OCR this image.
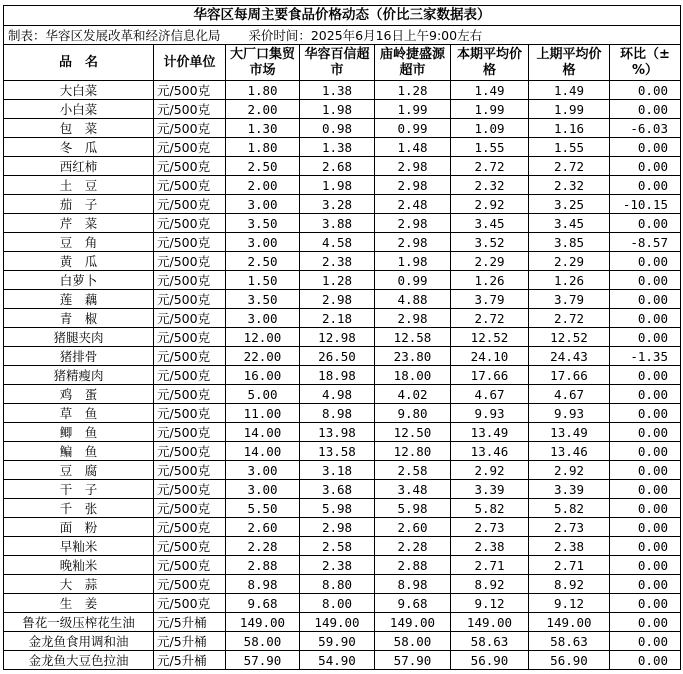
华容区每周主要食品价格动态（价比三家数据表）							
制表：华容区发展改革和经济信息化局 采价时间：2025年6月16日上午9:00左右							
品　名	计价单位	大厂口集贸市场	华容百信超市	庙岭捷盛源超市	本期平均价格	上期平均价格	环比（±%）
大白菜	元/500克	1.80	1.38	1.28	1.49	1.49	0.00
小白菜	元/500克	2.00	1.98	1.99	1.99	1.99	0.00
包　菜	元/500克	1.30	0.98	0.99	1.09	1.16	-6.03
冬　瓜	元/500克	1.80	1.38	1.48	1.55	1.55	0.00
西红柿	元/500克	2.50	2.68	2.98	2.72	2.72	0.00
土　豆	元/500克	2.00	1.98	2.98	2.32	2.32	0.00
茄　子	元/500克	3.00	3.28	2.48	2.92	3.25	-10.15
芹　菜	元/500克	3.50	3.88	2.98	3.45	3.45	0.00
豆　角	元/500克	3.00	4.58	2.98	3.52	3.85	-8.57
黄　瓜	元/500克	2.50	2.38	1.98	2.29	2.29	0.00
白萝卜	元/500克	1.50	1.28	0.99	1.26	1.26	0.00
莲　藕	元/500克	3.50	2.98	4.88	3.79	3.79	0.00
青　椒	元/500克	3.00	2.18	2.98	2.72	2.72	0.00
猪腿夹肉	元/500克	12.00	12.98	12.58	12.52	12.52	0.00
猪排骨	元/500克	22.00	26.50	23.80	24.10	24.43	-1.35
猪精瘦肉	元/500克	16.00	18.98	18.00	17.66	17.66	0.00
鸡　蛋	元/500克	5.00	4.98	4.02	4.67	4.67	0.00
草　鱼	元/500克	11.00	8.98	9.80	9.93	9.93	0.00
鲫　鱼	元/500克	14.00	13.98	12.50	13.49	13.49	0.00
鳊　鱼	元/500克	14.00	13.58	12.80	13.46	13.46	0.00
豆　腐	元/500克	3.00	3.18	2.58	2.92	2.92	0.00
干　子	元/500克	3.00	3.68	3.48	3.39	3.39	0.00
千　张	元/500克	5.50	5.98	5.98	5.82	5.82	0.00
面　粉	元/500克	2.60	2.98	2.60	2.73	2.73	0.00
早籼米	元/500克	2.28	2.58	2.28	2.38	2.38	0.00
晚籼米	元/500克	2.88	2.38	2.88	2.71	2.71	0.00
大　蒜	元/500克	8.98	8.80	8.98	8.92	8.92	0.00
生　姜	元/500克	9.68	8.00	9.68	9.12	9.12	0.00
鲁花一级压榨花生油	元/5升桶	149.00	149.00	149.00	149.00	149.00	0.00
金龙鱼食用调和油	元/5升桶	58.00	59.90	58.00	58.63	58.63	0.00
金龙鱼大豆色拉油	元/5升桶	57.90	54.90	57.90	56.90	56.90	0.00
